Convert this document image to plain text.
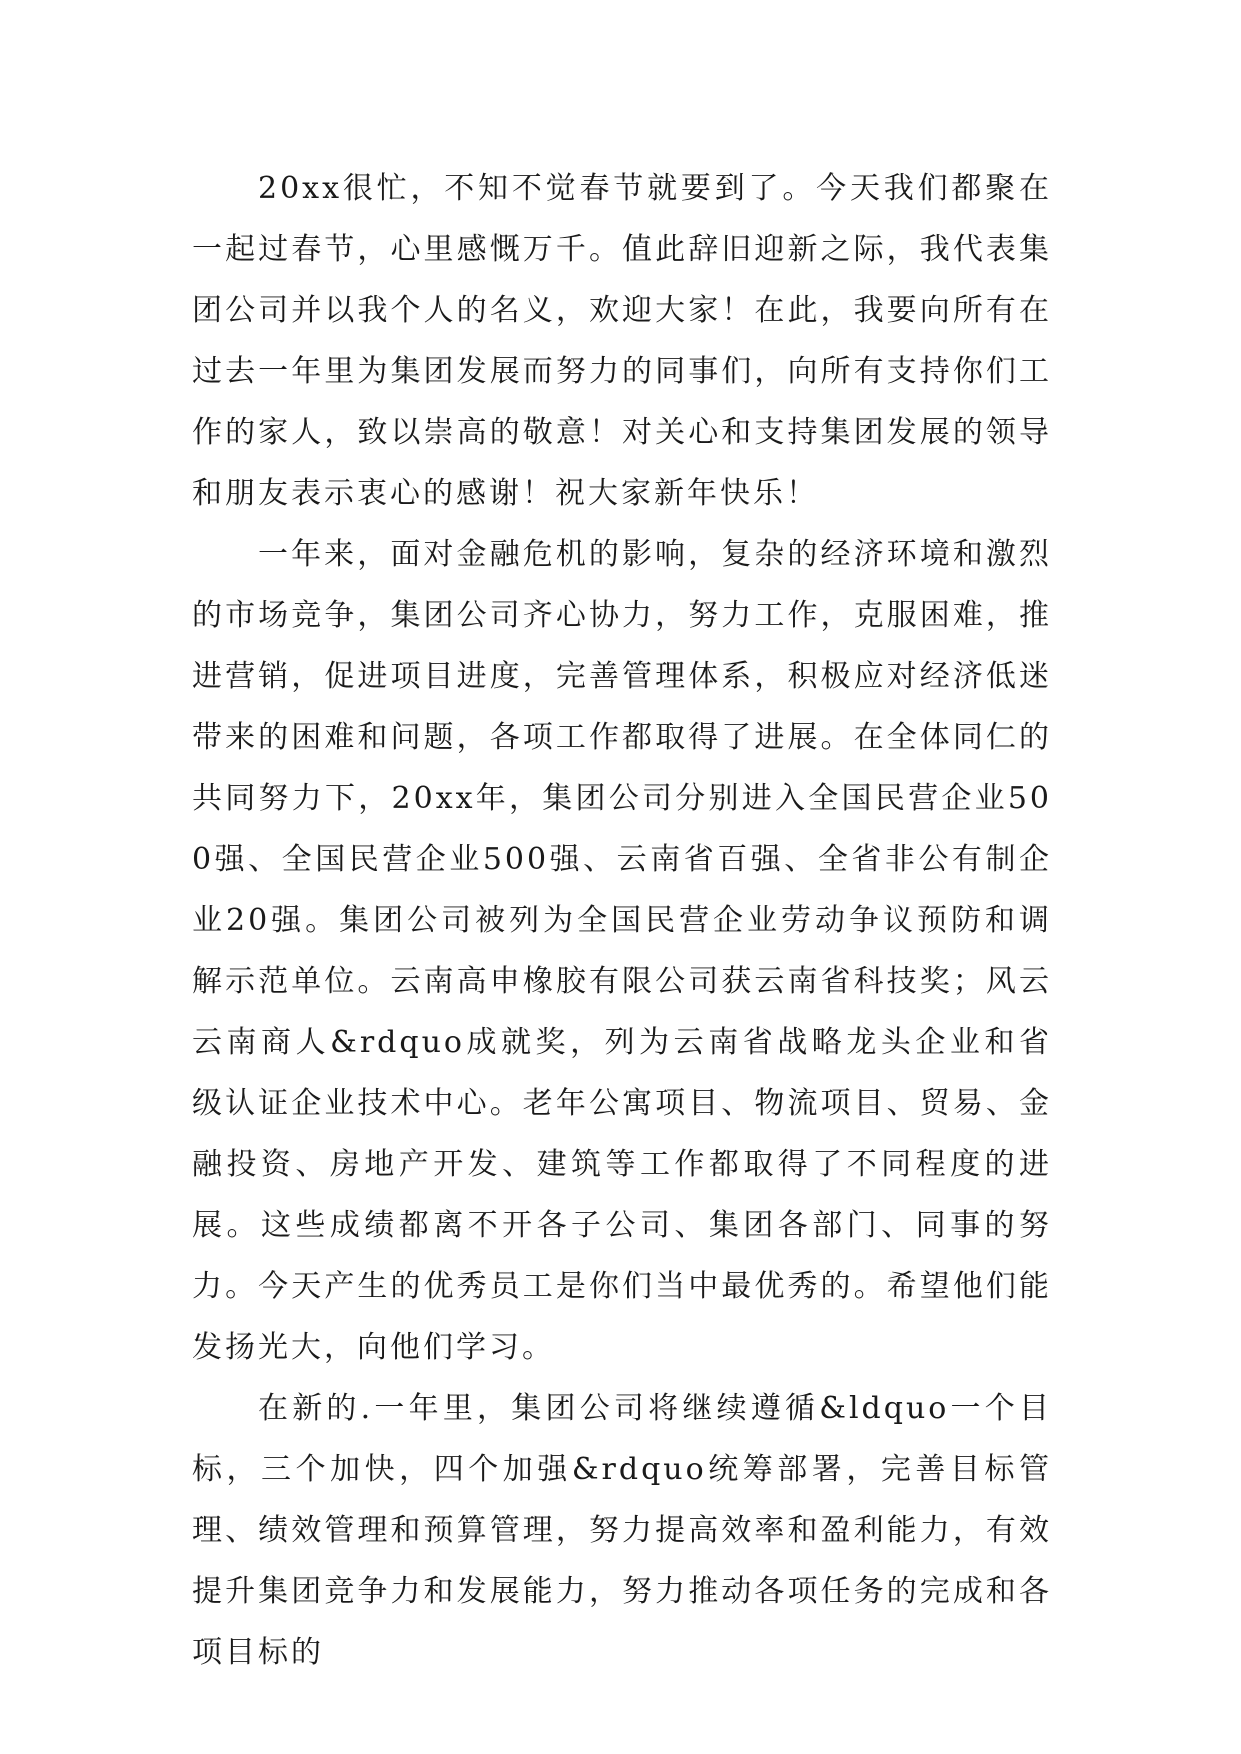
20xx很忙，不知不觉春节就要到了。今天我们都聚在一起过春节，心里感慨万千。值此辞旧迎新之际，我代表集团公司并以我个人的名义，欢迎大家！在此，我要向所有在过去一年里为集团发展而努力的同事们，向所有支持你们工作的家人，致以崇高的敬意！对关心和支持集团发展的领导和朋友表示衷心的感谢！祝大家新年快乐！

一年来，面对金融危机的影响，复杂的经济环境和激烈的市场竞争，集团公司齐心协力，努力工作，克服困难，推进营销，促进项目进度，完善管理体系，积极应对经济低迷带来的困难和问题，各项工作都取得了进展。在全体同仁的共同努力下，20xx年，集团公司分别进入全国民营企业500强、全国民营企业500强、云南省百强、全省非公有制企业20强。集团公司被列为全国民营企业劳动争议预防和调解示范单位。云南高申橡胶有限公司获云南省科技奖；风云云南商人&rdquo成就奖，列为云南省战略龙头企业和省级认证企业技术中心。老年公寓项目、物流项目、贸易、金融投资、房地产开发、建筑等工作都取得了不同程度的进展。这些成绩都离不开各子公司、集团各部门、同事的努力。今天产生的优秀员工是你们当中最优秀的。希望他们能发扬光大，向他们学习。

在新的.一年里，集团公司将继续遵循&ldquo一个目标，三个加快，四个加强&rdquo统筹部署，完善目标管理、绩效管理和预算管理，努力提高效率和盈利能力，有效提升集团竞争力和发展能力，努力推动各项任务的完成和各项目标的
